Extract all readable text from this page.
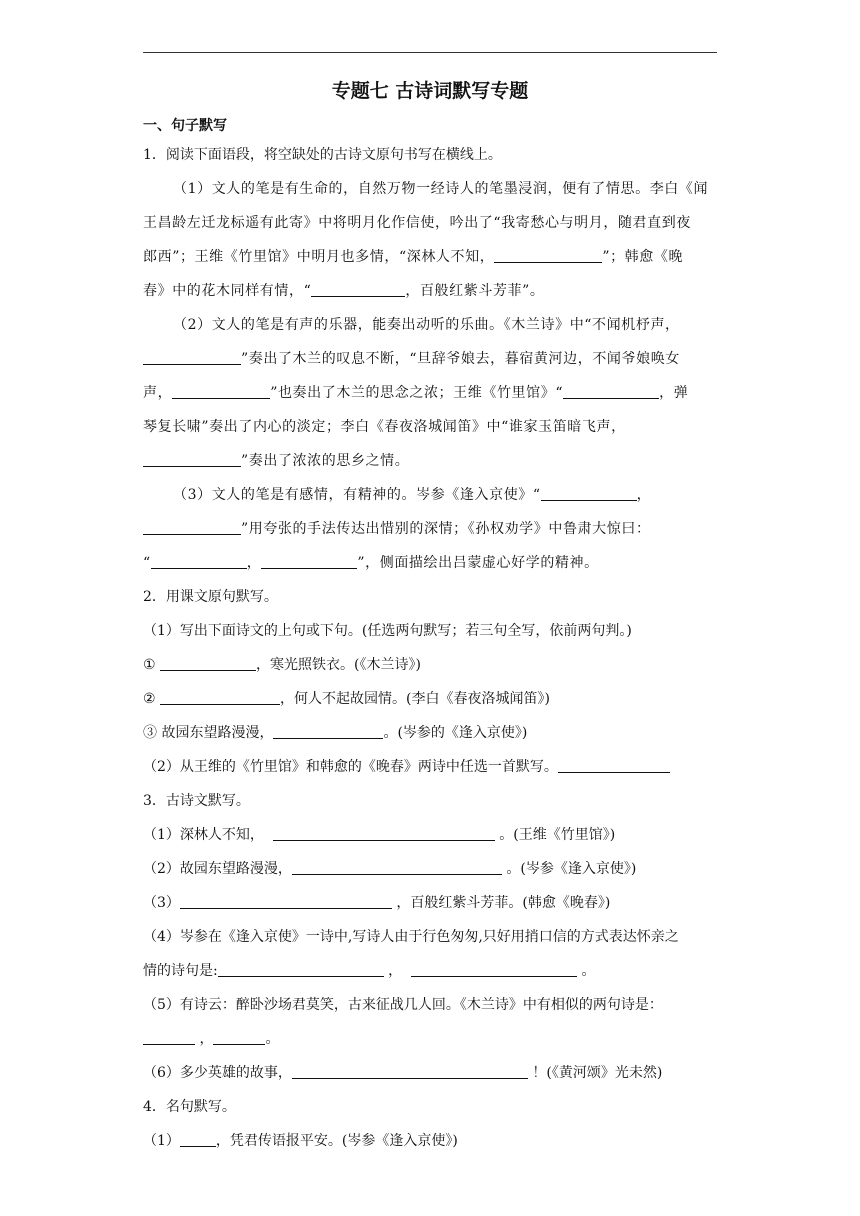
专题七 古诗词默写专题
一、句子默写
1．阅读下面语段，将空缺处的古诗文原句书写在横线上。
（1）文人的笔是有生命的，自然万物一经诗人的笔墨浸润，便有了情思。李白《闻
王昌龄左迁龙标遥有此寄》中将明月化作信使，吟出了“我寄愁心与明月，随君直到夜
郎西”；王维《竹里馆》中明月也多情，“深林人不知，	”；韩愈《晚
春》中的花木同样有情，“	，百般红紫斗芳菲”。
（2）文人的笔是有声的乐器，能奏出动听的乐曲。《木兰诗》中“不闻机杼声，
”奏出了木兰的叹息不断，“旦辞爷娘去，暮宿黄河边，不闻爷娘唤女
声，	”也奏出了木兰的思念之浓；王维《竹里馆》“	，弹
琴复长啸”奏出了内心的淡定；李白《春夜洛城闻笛》中“谁家玉笛暗飞声，
”奏出了浓浓的思乡之情。
（3）文人的笔是有感情，有精神的。岑参《逢入京使》“	，
”用夸张的手法传达出惜别的深情；《孙权劝学》中鲁肃大惊曰：
“	，	”，侧面描绘出吕蒙虚心好学的精神。
2．用课文原句默写。
（1）写出下面诗文的上句或下句。(任选两句默写；若三句全写，依前两句判。)
①	，寒光照铁衣。(《木兰诗》)
②	，何人不起故园情。(李白《春夜洛城闻笛》)
③ 故园东望路漫漫，	。(岑参的《逢入京使》)
（2）从王维的《竹里馆》和韩愈的《晚春》两诗中任选一首默写。
3．古诗文默写。
（1）深林人不知，	。(王维《竹里馆》)
（2）故园东望路漫漫，	。(岑参《逢入京使》)
（3）	，百般红紫斗芳菲。(韩愈《晚春》)
（4）岑参在《逢入京使》一诗中,写诗人由于行色匆匆,只好用捎口信的方式表达怀亲之
情的诗句是:	，	。
（5）有诗云：醉卧沙场君莫笑，古来征战几人回。《木兰诗》中有相似的两句诗是：
，	。
（6）多少英雄的故事，	！(《黄河颂》光未然)
4．名句默写。
（1）	，凭君传语报平安。(岑参《逢入京使》)
